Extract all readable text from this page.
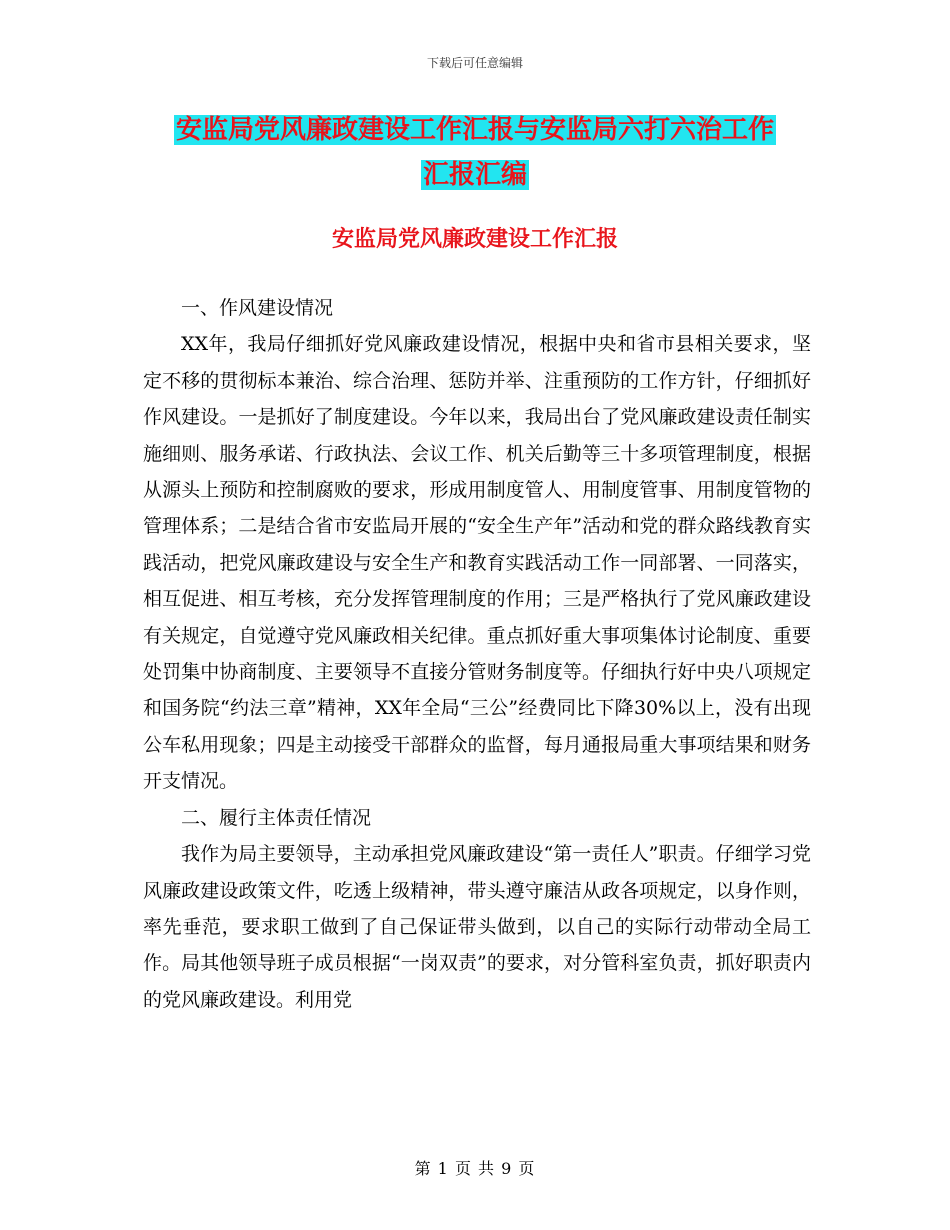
下载后可任意编辑
安监局党风廉政建设工作汇报与安监局六打六治工作
汇报汇编
安监局党风廉政建设工作汇报

一、作风建设情况

XX年，我局仔细抓好党风廉政建设情况，根据中央和省市县相关要求，坚定不移的贯彻标本兼治、综合治理、惩防并举、注重预防的工作方针，仔细抓好作风建设。一是抓好了制度建设。今年以来，我局出台了党风廉政建设责任制实施细则、服务承诺、行政执法、会议工作、机关后勤等三十多项管理制度，根据从源头上预防和控制腐败的要求，形成用制度管人、用制度管事、用制度管物的管理体系；二是结合省市安监局开展的“安全生产年”活动和党的群众路线教育实践活动，把党风廉政建设与安全生产和教育实践活动工作一同部署、一同落实，相互促进、相互考核，充分发挥管理制度的作用；三是严格执行了党风廉政建设有关规定，自觉遵守党风廉政相关纪律。重点抓好重大事项集体讨论制度、重要处罚集中协商制度、主要领导不直接分管财务制度等。仔细执行好中央八项规定和国务院“约法三章”精神，XX年全局“三公”经费同比下降30%以上，没有出现公车私用现象；四是主动接受干部群众的监督，每月通报局重大事项结果和财务开支情况。

二、履行主体责任情况

我作为局主要领导，主动承担党风廉政建设“第一责任人”职责。仔细学习党风廉政建设政策文件，吃透上级精神，带头遵守廉洁从政各项规定，以身作则，率先垂范，要求职工做到了自己保证带头做到，以自己的实际行动带动全局工作。局其他领导班子成员根据“一岗双责”的要求，对分管科室负责，抓好职责内的党风廉政建设。利用党

第 1 页 共 9 页
